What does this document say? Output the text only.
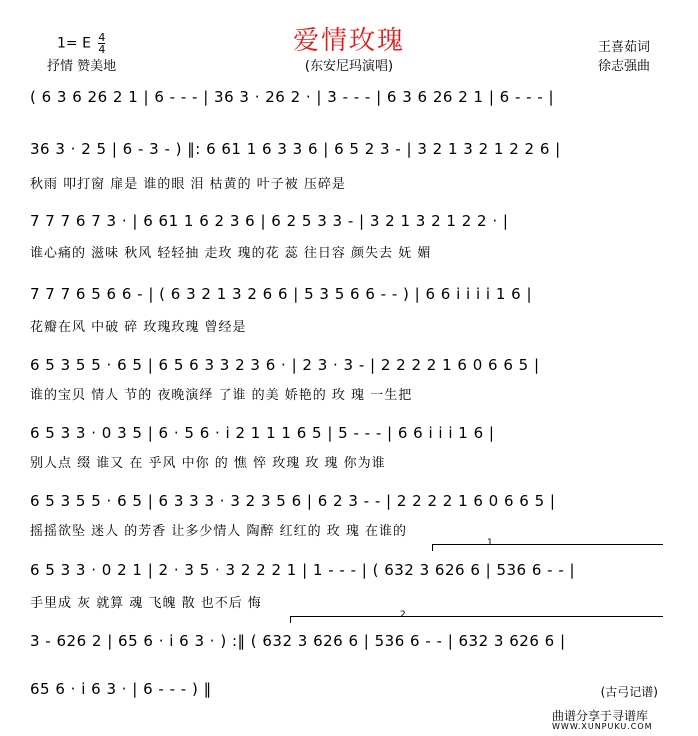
爱情玫瑰
(东安尼玛演唱)
1= E $\frac{4}{4}$
抒情 赞美地
王喜茹词
徐志强曲
( 6 3 6 26 2 1 | 6 - - - | 36 3 · 26 2 · | 3 - - - | 6 3 6 26 2 1 | 6 - - - |
36 3 · 2 5 | 6 - 3 - ) ‖: 6 61 1 6 3 3 6 | 6 5 2 3 - | 3 2 1 3 2 1 2 2 6 |
秋雨 叩打窗 扉是 谁的眼 泪 枯黄的 叶子被 压碎是
7 7 7 6 7 3 · | 6 61 1 6 2 3 6 | 6 2 5 3 3 - | 3 2 1 3 2 1 2 2 · |
谁心痛的 滋味 秋风 轻轻抽 走玫 瑰的花 蕊 往日容 颜失去 妩 媚
7 7 7 6 5 6 6 - | ( 6 3 2 1 3 2 6 6 | 5 3 5 6 6 - - ) | 6 6 i i i i 1 6 |
花瓣在风 中破 碎 玫瑰玫瑰 曾经是
6 5 3 5 5 · 6 5 | 6 5 6 3 3 2 3 6 · | 2 3 · 3 - | 2 2 2 2 1 6 0 6 6 5 |
谁的宝贝 情人 节的 夜晚演绎 了谁 的美 娇艳的 玫 瑰 一生把
6 5 3 3 · 0 3 5 | 6 · 5 6 · i 2 1 1 1 6 5 | 5 - - - | 6 6 i i i 1 6 |
别人点 缀 谁又 在 乎风 中你 的 憔 悴 玫瑰 玫 瑰 你为谁
6 5 3 5 5 · 6 5 | 6 3 3 3 · 3 2 3 5 6 | 6 2 3 - - | 2 2 2 2 1 6 0 6 6 5 |
摇摇欲坠 迷人 的芳香 让多少情人 陶醉 红红的 玫 瑰 在谁的
1
6 5 3 3 · 0 2 1 | 2 · 3 5 · 3 2 2 2 1 | 1 - - - | ( 632 3 626 6 | 536 6 - - |
手里成 灰 就算 魂 飞魄 散 也不后 悔
2
3 - 626 2 | 65 6 · i 6 3 · ) :‖ ( 632 3 626 6 | 536 6 - - | 632 3 626 6 |
65 6 · i 6 3 · | 6 - - - ) ‖	(古弓记谱)
曲谱分享于寻谱库
WWW.XUNPUKU.COM
